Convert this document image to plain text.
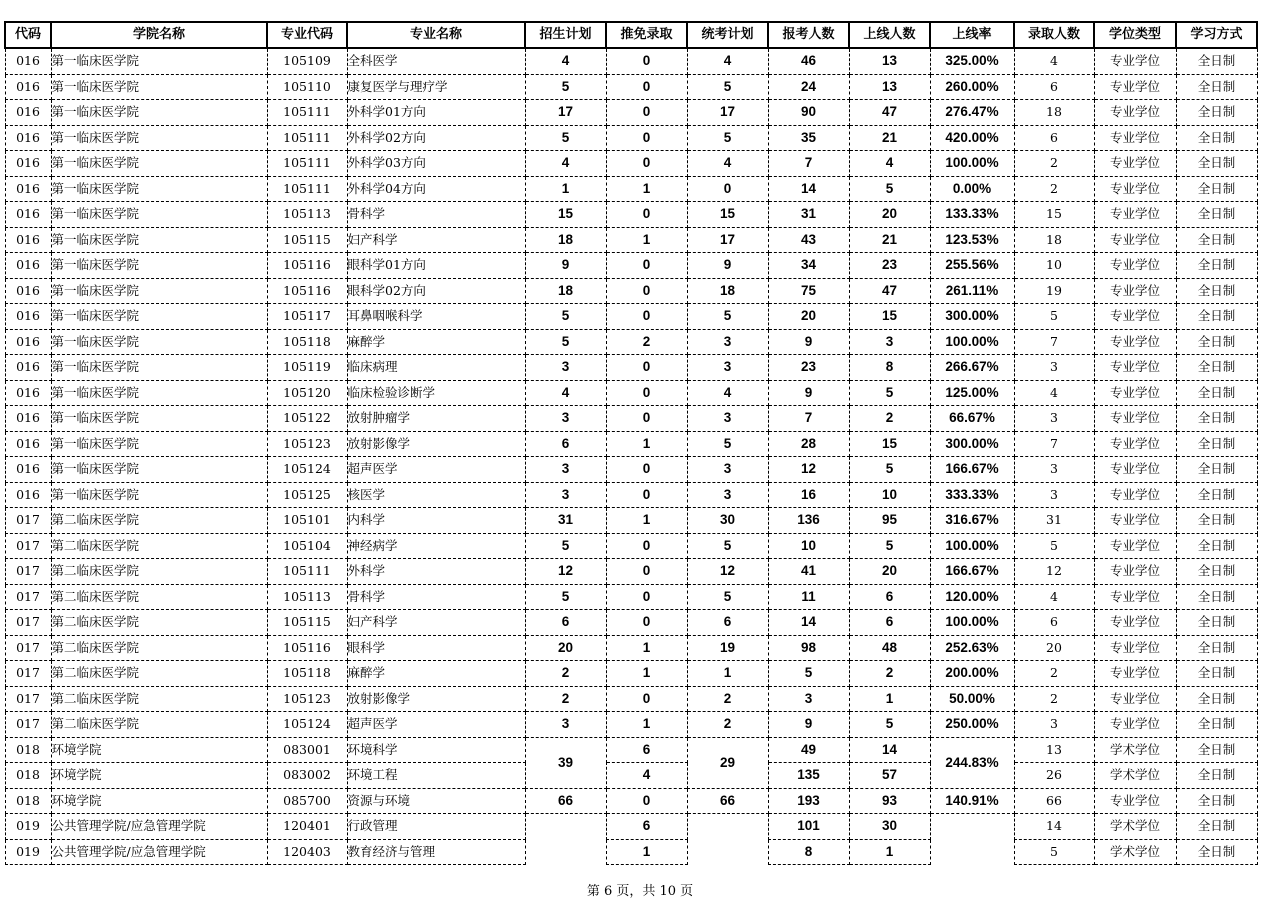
代码	学院名称	专业代码	专业名称	招生计划	推免录取	统考计划	报考人数	上线人数	上线率	录取人数	学位类型	学习方式
016	第一临床医学院	105109	全科医学	4	0	4	46	13	325.00%	4	专业学位	全日制
016	第一临床医学院	105110	康复医学与理疗学	5	0	5	24	13	260.00%	6	专业学位	全日制
016	第一临床医学院	105111	外科学01方向	17	0	17	90	47	276.47%	18	专业学位	全日制
016	第一临床医学院	105111	外科学02方向	5	0	5	35	21	420.00%	6	专业学位	全日制
016	第一临床医学院	105111	外科学03方向	4	0	4	7	4	100.00%	2	专业学位	全日制
016	第一临床医学院	105111	外科学04方向	1	1	0	14	5	0.00%	2	专业学位	全日制
016	第一临床医学院	105113	骨科学	15	0	15	31	20	133.33%	15	专业学位	全日制
016	第一临床医学院	105115	妇产科学	18	1	17	43	21	123.53%	18	专业学位	全日制
016	第一临床医学院	105116	眼科学01方向	9	0	9	34	23	255.56%	10	专业学位	全日制
016	第一临床医学院	105116	眼科学02方向	18	0	18	75	47	261.11%	19	专业学位	全日制
016	第一临床医学院	105117	耳鼻咽喉科学	5	0	5	20	15	300.00%	5	专业学位	全日制
016	第一临床医学院	105118	麻醉学	5	2	3	9	3	100.00%	7	专业学位	全日制
016	第一临床医学院	105119	临床病理	3	0	3	23	8	266.67%	3	专业学位	全日制
016	第一临床医学院	105120	临床检验诊断学	4	0	4	9	5	125.00%	4	专业学位	全日制
016	第一临床医学院	105122	放射肿瘤学	3	0	3	7	2	66.67%	3	专业学位	全日制
016	第一临床医学院	105123	放射影像学	6	1	5	28	15	300.00%	7	专业学位	全日制
016	第一临床医学院	105124	超声医学	3	0	3	12	5	166.67%	3	专业学位	全日制
016	第一临床医学院	105125	核医学	3	0	3	16	10	333.33%	3	专业学位	全日制
017	第二临床医学院	105101	内科学	31	1	30	136	95	316.67%	31	专业学位	全日制
017	第二临床医学院	105104	神经病学	5	0	5	10	5	100.00%	5	专业学位	全日制
017	第二临床医学院	105111	外科学	12	0	12	41	20	166.67%	12	专业学位	全日制
017	第二临床医学院	105113	骨科学	5	0	5	11	6	120.00%	4	专业学位	全日制
017	第二临床医学院	105115	妇产科学	6	0	6	14	6	100.00%	6	专业学位	全日制
017	第二临床医学院	105116	眼科学	20	1	19	98	48	252.63%	20	专业学位	全日制
017	第二临床医学院	105118	麻醉学	2	1	1	5	2	200.00%	2	专业学位	全日制
017	第二临床医学院	105123	放射影像学	2	0	2	3	1	50.00%	2	专业学位	全日制
017	第二临床医学院	105124	超声医学	3	1	2	9	5	250.00%	3	专业学位	全日制
018	环境学院	083001	环境科学	39	6	29	49	14	244.83%	13	学术学位	全日制
018	环境学院	083002	环境工程		4		135	57		26	学术学位	全日制
018	环境学院	085700	资源与环境	66	0	66	193	93	140.91%	66	专业学位	全日制
019	公共管理学院/应急管理学院	120401	行政管理		6		101	30		14	学术学位	全日制
019	公共管理学院/应急管理学院	120403	教育经济与管理		1		8	1		5	学术学位	全日制
第 6 页，共 10 页
